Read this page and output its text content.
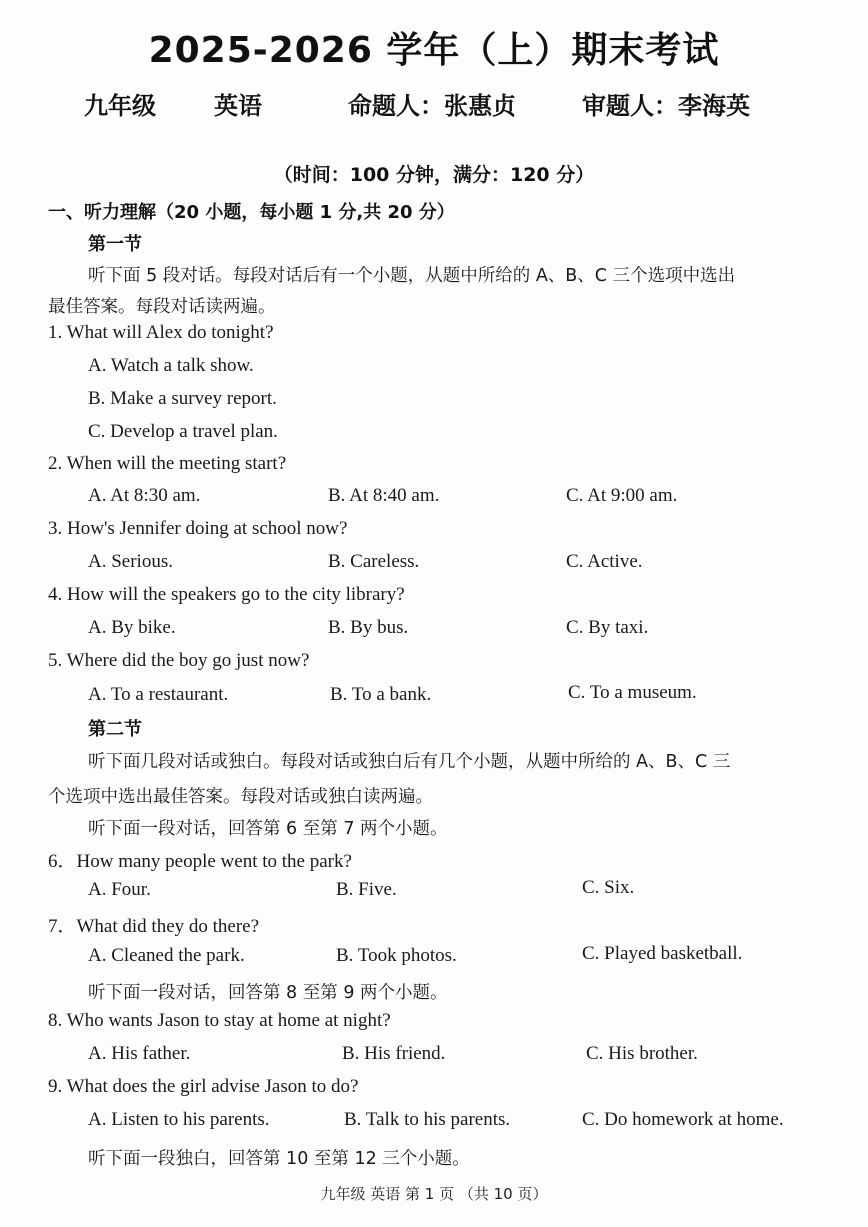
2025-2026 学年（上）期末考试
九年级 英语	命题人：张惠贞	审题人：李海英
（时间：100 分钟，满分：120 分）
一、听力理解（20 小题，每小题 1 分,共 20 分）
第一节
听下面 5 段对话。每段对话后有一个小题，从题中所给的 A、B、C 三个选项中选出
最佳答案。每段对话读两遍。
1. What will Alex do tonight?
A. Watch a talk show.
B. Make a survey report.
C. Develop a travel plan.
2. When will the meeting start?
A. At 8:30 am.	B. At 8:40 am.	C. At 9:00 am.
3. How's Jennifer doing at school now?
A. Serious.	B. Careless.	C. Active.
4. How will the speakers go to the city library?
A. By bike.	B. By bus.	C. By taxi.
5. Where did the boy go just now?
A. To a restaurant.	B. To a bank.	C. To a museum.
第二节
听下面几段对话或独白。每段对话或独白后有几个小题，从题中所给的 A、B、C 三
个选项中选出最佳答案。每段对话或独白读两遍。
听下面一段对话，回答第 6 至第 7 两个小题。
6．How many people went to the park?
A. Four.	B. Five.	C. Six.
7．What did they do there?
A. Cleaned the park.	B. Took photos.	C. Played basketball.
听下面一段对话，回答第 8 至第 9 两个小题。
8. Who wants Jason to stay at home at night?
A. His father.	B. His friend.	C. His brother.
9. What does the girl advise Jason to do?
A. Listen to his parents.	B. Talk to his parents.	C. Do homework at home.
听下面一段独白，回答第 10 至第 12 三个小题。
九年级 英语 第 1 页 （共 10 页）
